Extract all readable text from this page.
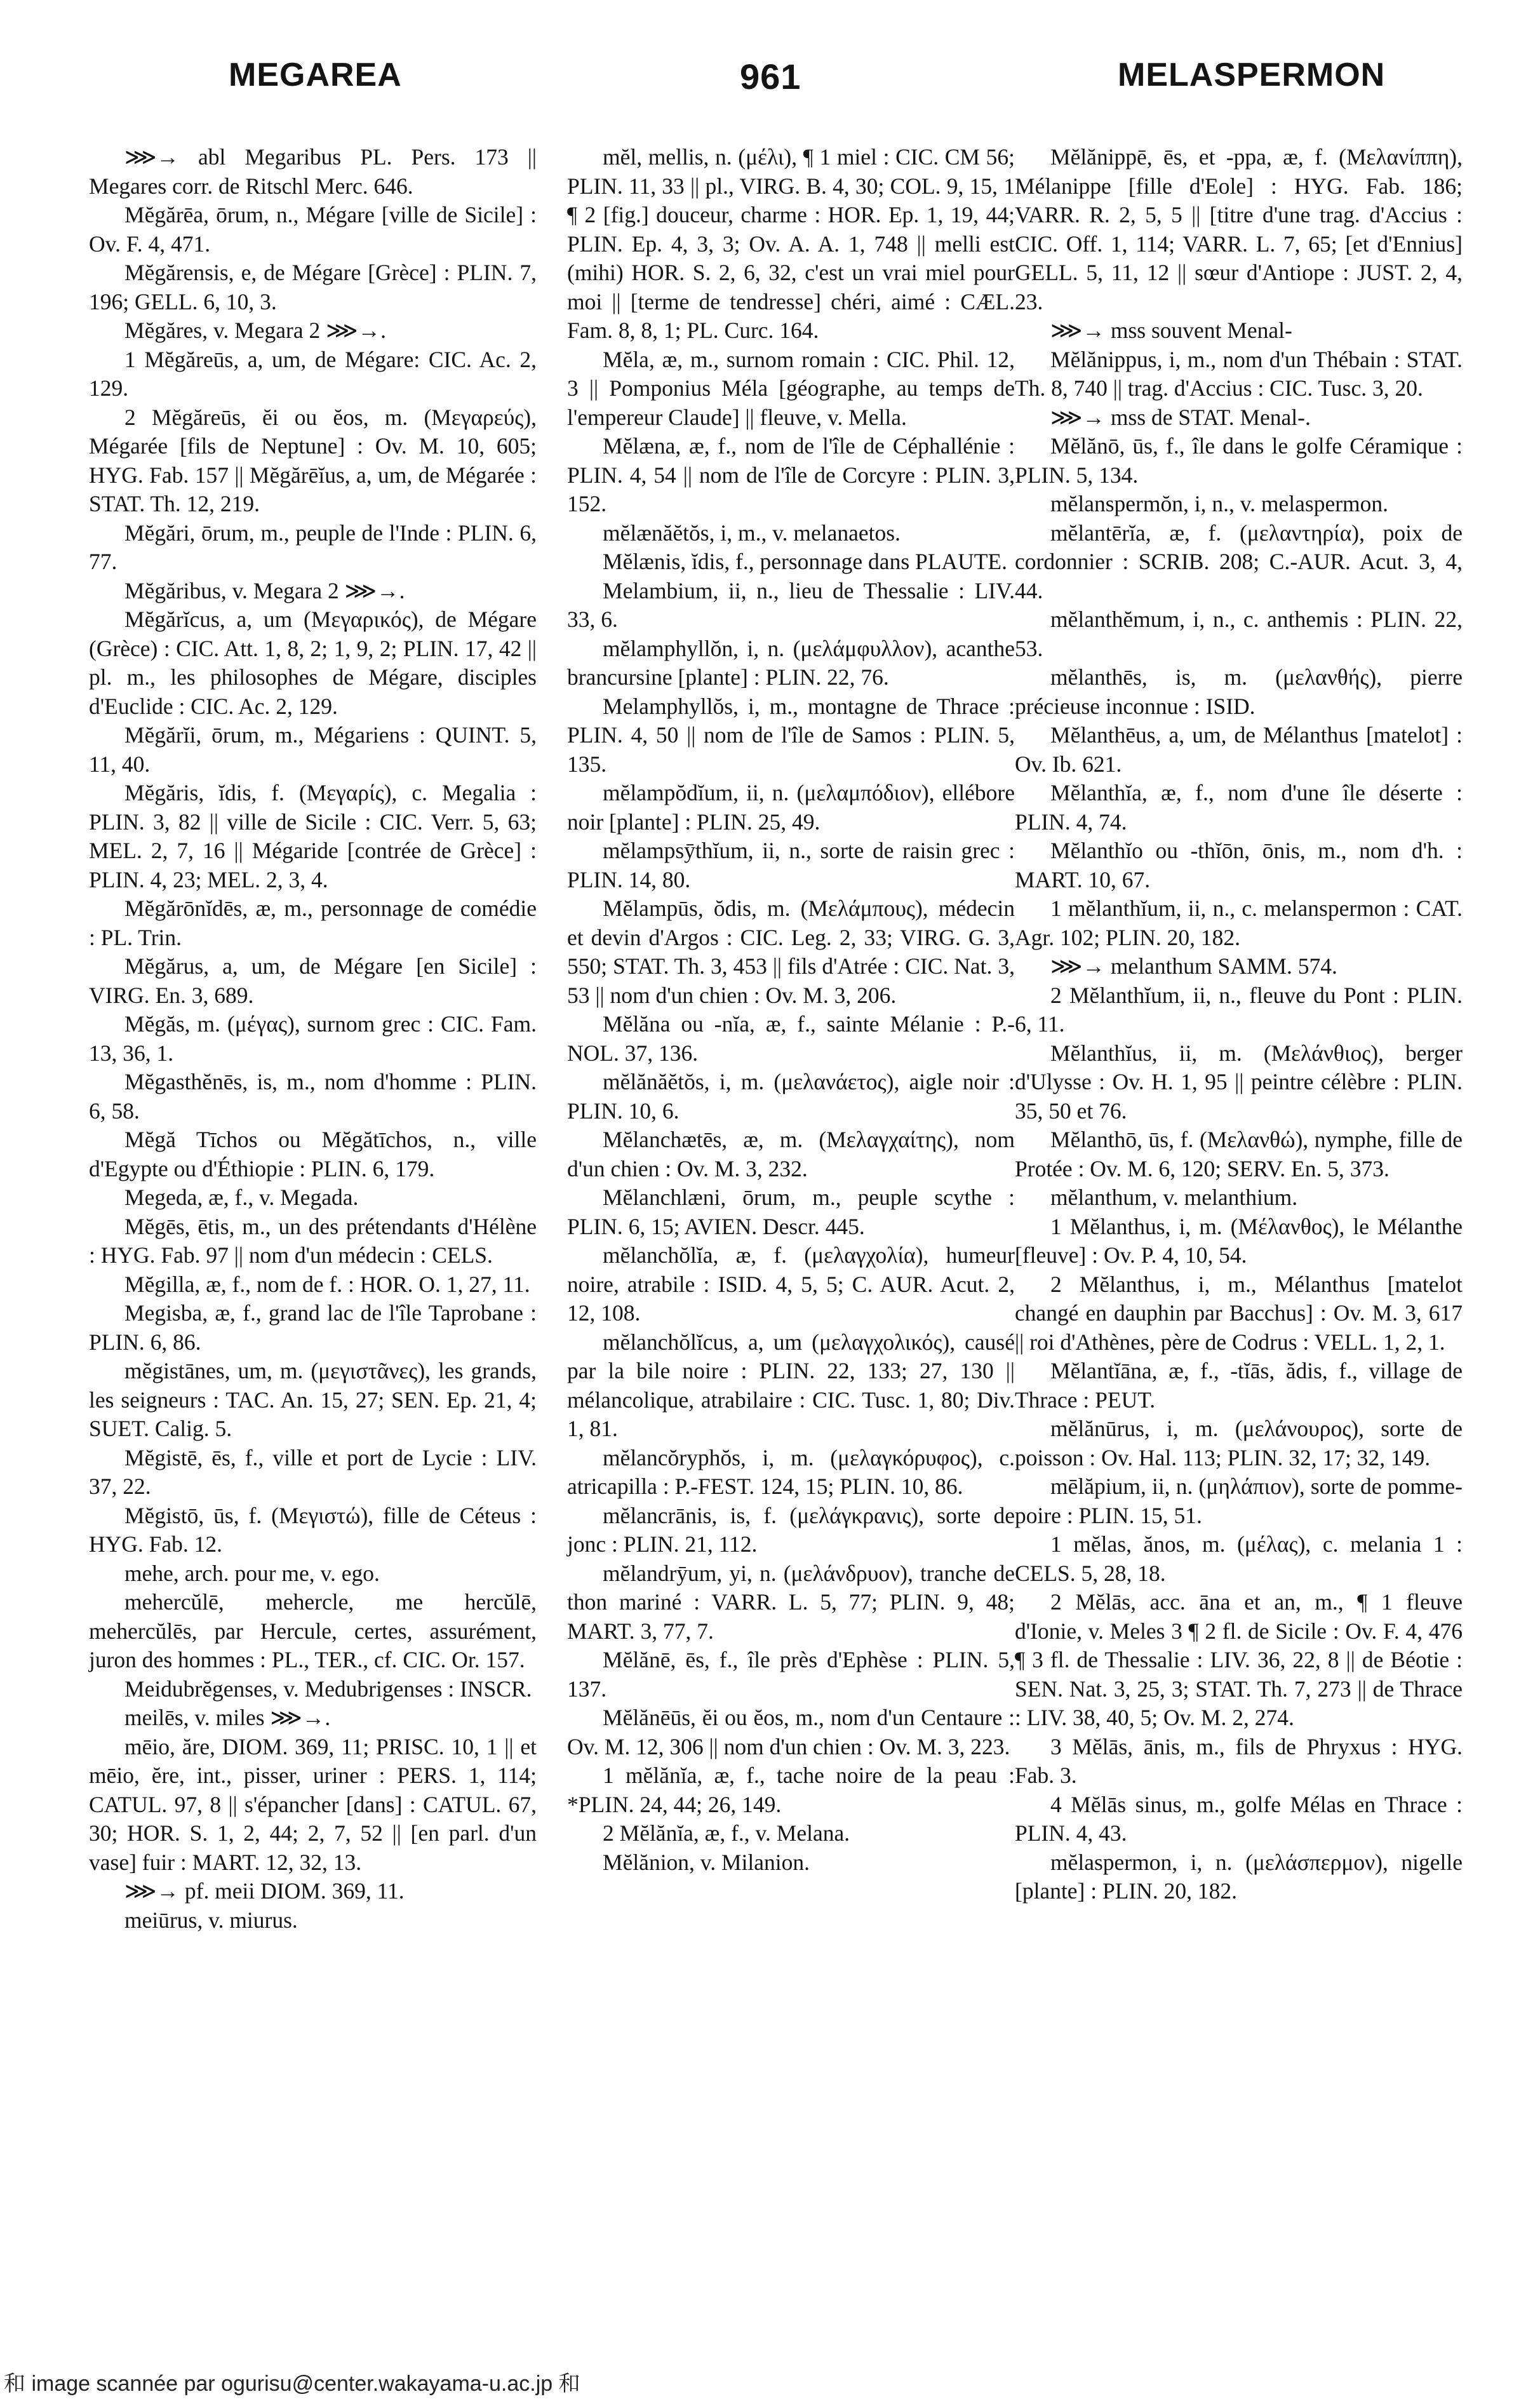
MEGAREA	961	MELASPERMON

⋙→ abl Megaribus PL. Pers. 173 || Megares corr. de Ritschl Merc. 646.

Mĕgărēa, ōrum, n., Mégare [ville de Sicile] : Ov. F. 4, 471.

Mĕgărensis, e, de Mégare [Grèce] : PLIN. 7, 196; GELL. 6, 10, 3.

Mĕgăres, v. Megara 2 ⋙→.

1 Mĕgăreūs, a, um, de Mégare: CIC. Ac. 2, 129.

2 Mĕgăreūs, ĕi ou ĕos, m. (Μεγαρεύς), Mégarée [fils de Neptune] : Ov. M. 10, 605; HYG. Fab. 157 || Mĕgărēĭus, a, um, de Mégarée : STAT. Th. 12, 219.

Mĕgări, ōrum, m., peuple de l'Inde : PLIN. 6, 77.

Mĕgăribus, v. Megara 2 ⋙→.

Mĕgărĭcus, a, um (Μεγαρικός), de Mégare (Grèce) : CIC. Att. 1, 8, 2; 1, 9, 2; PLIN. 17, 42 || pl. m., les philosophes de Mégare, disciples d'Euclide : CIC. Ac. 2, 129.

Mĕgărĭi, ōrum, m., Mégariens : QUINT. 5, 11, 40.

Mĕgăris, ĭdis, f. (Μεγαρίς), c. Megalia : PLIN. 3, 82 || ville de Sicile : CIC. Verr. 5, 63; MEL. 2, 7, 16 || Mégaride [contrée de Grèce] : PLIN. 4, 23; MEL. 2, 3, 4.

Mĕgărōnĭdēs, æ, m., personnage de comédie : PL. Trin.

Mĕgărus, a, um, de Mégare [en Sicile] : VIRG. En. 3, 689.

Mĕgăs, m. (μέγας), surnom grec : CIC. Fam. 13, 36, 1.

Mĕgasthĕnēs, is, m., nom d'homme : PLIN. 6, 58.

Mĕgă Tīchos ou Mĕgătīchos, n., ville d'Egypte ou d'Éthiopie : PLIN. 6, 179.

Megeda, æ, f., v. Megada.

Mĕgēs, ētis, m., un des prétendants d'Hélène : HYG. Fab. 97 || nom d'un médecin : CELS.

Mĕgilla, æ, f., nom de f. : HOR. O. 1, 27, 11.

Megisba, æ, f., grand lac de l'île Taprobane : PLIN. 6, 86.

mĕgistānes, um, m. (μεγιστᾶνες), les grands, les seigneurs : TAC. An. 15, 27; SEN. Ep. 21, 4; SUET. Calig. 5.

Mĕgistē, ēs, f., ville et port de Lycie : LIV. 37, 22.

Mĕgistō, ūs, f. (Μεγιστώ), fille de Céteus : HYG. Fab. 12.

mehe, arch. pour me, v. ego.

mehercŭlē, mehercle, me hercŭlē, mehercŭlēs, par Hercule, certes, assurément, juron des hommes : PL., TER., cf. CIC. Or. 157.

Meidubrĕgenses, v. Medubrigenses : INSCR.

meilēs, v. miles ⋙→.

mēio, ăre, DIOM. 369, 11; PRISC. 10, 1 || et mēio, ĕre, int., pisser, uriner : PERS. 1, 114; CATUL. 97, 8 || s'épancher [dans] : CATUL. 67, 30; HOR. S. 1, 2, 44; 2, 7, 52 || [en parl. d'un vase] fuir : MART. 12, 32, 13.

⋙→ pf. meii DIOM. 369, 11.

meiūrus, v. miurus.

mĕl, mellis, n. (μέλι), ¶ 1 miel : CIC. CM 56; PLIN. 11, 33 || pl., VIRG. B. 4, 30; COL. 9, 15, 1 ¶ 2 [fig.] douceur, charme : HOR. Ep. 1, 19, 44; PLIN. Ep. 4, 3, 3; Ov. A. A. 1, 748 || melli est (mihi) HOR. S. 2, 6, 32, c'est un vrai miel pour moi || [terme de tendresse] chéri, aimé : CÆL. Fam. 8, 8, 1; PL. Curc. 164.

Mĕla, æ, m., surnom romain : CIC. Phil. 12, 3 || Pomponius Méla [géographe, au temps de l'empereur Claude] || fleuve, v. Mella.

Mĕlæna, æ, f., nom de l'île de Céphallénie : PLIN. 4, 54 || nom de l'île de Corcyre : PLIN. 3, 152.

mĕlænăĕtŏs, i, m., v. melanaetos.

Mĕlænis, ĭdis, f., personnage dans PLAUTE.

Melambium, ii, n., lieu de Thessalie : LIV. 33, 6.

mĕlamphyllŏn, i, n. (μελάμφυλλον), acanthe brancursine [plante] : PLIN. 22, 76.

Melamphyllŏs, i, m., montagne de Thrace : PLIN. 4, 50 || nom de l'île de Samos : PLIN. 5, 135.

mĕlampŏdĭum, ii, n. (μελαμπόδιον), ellébore noir [plante] : PLIN. 25, 49.

mĕlampsȳthĭum, ii, n., sorte de raisin grec : PLIN. 14, 80.

Mĕlampūs, ŏdis, m. (Μελάμπους), médecin et devin d'Argos : CIC. Leg. 2, 33; VIRG. G. 3, 550; STAT. Th. 3, 453 || fils d'Atrée : CIC. Nat. 3, 53 || nom d'un chien : Ov. M. 3, 206.

Mĕlăna ou -nĭa, æ, f., sainte Mélanie : P.-NOL. 37, 136.

mĕlănăĕtŏs, i, m. (μελανάετος), aigle noir : PLIN. 10, 6.

Mĕlanchætēs, æ, m. (Μελαγχαίτης), nom d'un chien : Ov. M. 3, 232.

Mĕlanchlæni, ōrum, m., peuple scythe : PLIN. 6, 15; AVIEN. Descr. 445.

mĕlanchŏlĭa, æ, f. (μελαγχολία), humeur noire, atrabile : ISID. 4, 5, 5; C. AUR. Acut. 2, 12, 108.

mĕlanchŏlĭcus, a, um (μελαγχολικός), causé par la bile noire : PLIN. 22, 133; 27, 130 || mélancolique, atrabilaire : CIC. Tusc. 1, 80; Div. 1, 81.

mĕlancŏryphŏs, i, m. (μελαγκόρυφος), c. atricapilla : P.-FEST. 124, 15; PLIN. 10, 86.

mĕlancrānis, is, f. (μελάγκρανις), sorte de jonc : PLIN. 21, 112.

mĕlandrȳum, yi, n. (μελάνδρυον), tranche de thon mariné : VARR. L. 5, 77; PLIN. 9, 48; MART. 3, 77, 7.

Mĕlănē, ēs, f., île près d'Ephèse : PLIN. 5, 137.

Mĕlănēūs, ĕi ou ĕos, m., nom d'un Centaure : Ov. M. 12, 306 || nom d'un chien : Ov. M. 3, 223.

1 mĕlănĭa, æ, f., tache noire de la peau : *PLIN. 24, 44; 26, 149.

2 Mĕlănĭa, æ, f., v. Melana.

Mĕlănion, v. Milanion.

Mĕlănippē, ēs, et -ppa, æ, f. (Μελανίππη), Mélanippe [fille d'Eole] : HYG. Fab. 186; VARR. R. 2, 5, 5 || [titre d'une trag. d'Accius : CIC. Off. 1, 114; VARR. L. 7, 65; [et d'Ennius] GELL. 5, 11, 12 || sœur d'Antiope : JUST. 2, 4, 23.

⋙→ mss souvent Menal-

Mĕlănippus, i, m., nom d'un Thébain : STAT. Th. 8, 740 || trag. d'Accius : CIC. Tusc. 3, 20.

⋙→ mss de STAT. Menal-.

Mĕlănō, ūs, f., île dans le golfe Céramique : PLIN. 5, 134.

mĕlanspermŏn, i, n., v. melaspermon.

mĕlantērĭa, æ, f. (μελαντηρία), poix de cordonnier : SCRIB. 208; C.-AUR. Acut. 3, 4, 44.

mĕlanthĕmum, i, n., c. anthemis : PLIN. 22, 53.

mĕlanthēs, is, m. (μελανθής), pierre précieuse inconnue : ISID.

Mĕlanthēus, a, um, de Mélanthus [matelot] : Ov. Ib. 621.

Mĕlanthĭa, æ, f., nom d'une île déserte : PLIN. 4, 74.

Mĕlanthĭo ou -thĭōn, ōnis, m., nom d'h. : MART. 10, 67.

1 mĕlanthĭum, ii, n., c. melanspermon : CAT. Agr. 102; PLIN. 20, 182.

⋙→ melanthum SAMM. 574.

2 Mĕlanthĭum, ii, n., fleuve du Pont : PLIN. 6, 11.

Mĕlanthĭus, ii, m. (Μελάνθιος), berger d'Ulysse : Ov. H. 1, 95 || peintre célèbre : PLIN. 35, 50 et 76.

Mĕlanthō, ūs, f. (Μελανθώ), nymphe, fille de Protée : Ov. M. 6, 120; SERV. En. 5, 373.

mĕlanthum, v. melanthium.

1 Mĕlanthus, i, m. (Μέλανθος), le Mélanthe [fleuve] : Ov. P. 4, 10, 54.

2 Mĕlanthus, i, m., Mélanthus [matelot changé en dauphin par Bacchus] : Ov. M. 3, 617 || roi d'Athènes, père de Codrus : VELL. 1, 2, 1.

Mĕlantĭāna, æ, f., -tĭās, ădis, f., village de Thrace : PEUT.

mĕlănūrus, i, m. (μελάνουρος), sorte de poisson : Ov. Hal. 113; PLIN. 32, 17; 32, 149.

mēlăpium, ii, n. (μηλάπιον), sorte de pomme-poire : PLIN. 15, 51.

1 mĕlas, ănos, m. (μέλας), c. melania 1 : CELS. 5, 28, 18.

2 Mĕlās, acc. āna et an, m., ¶ 1 fleuve d'Ionie, v. Meles 3 ¶ 2 fl. de Sicile : Ov. F. 4, 476 ¶ 3 fl. de Thessalie : LIV. 36, 22, 8 || de Béotie : SEN. Nat. 3, 25, 3; STAT. Th. 7, 273 || de Thrace : LIV. 38, 40, 5; Ov. M. 2, 274.

3 Mĕlās, ānis, m., fils de Phryxus : HYG. Fab. 3.

4 Mĕlās sinus, m., golfe Mélas en Thrace : PLIN. 4, 43.

mĕlaspermon, i, n. (μελάσπερμον), nigelle [plante] : PLIN. 20, 182.

和 image scannée par ogurisu@center.wakayama-u.ac.jp 和
